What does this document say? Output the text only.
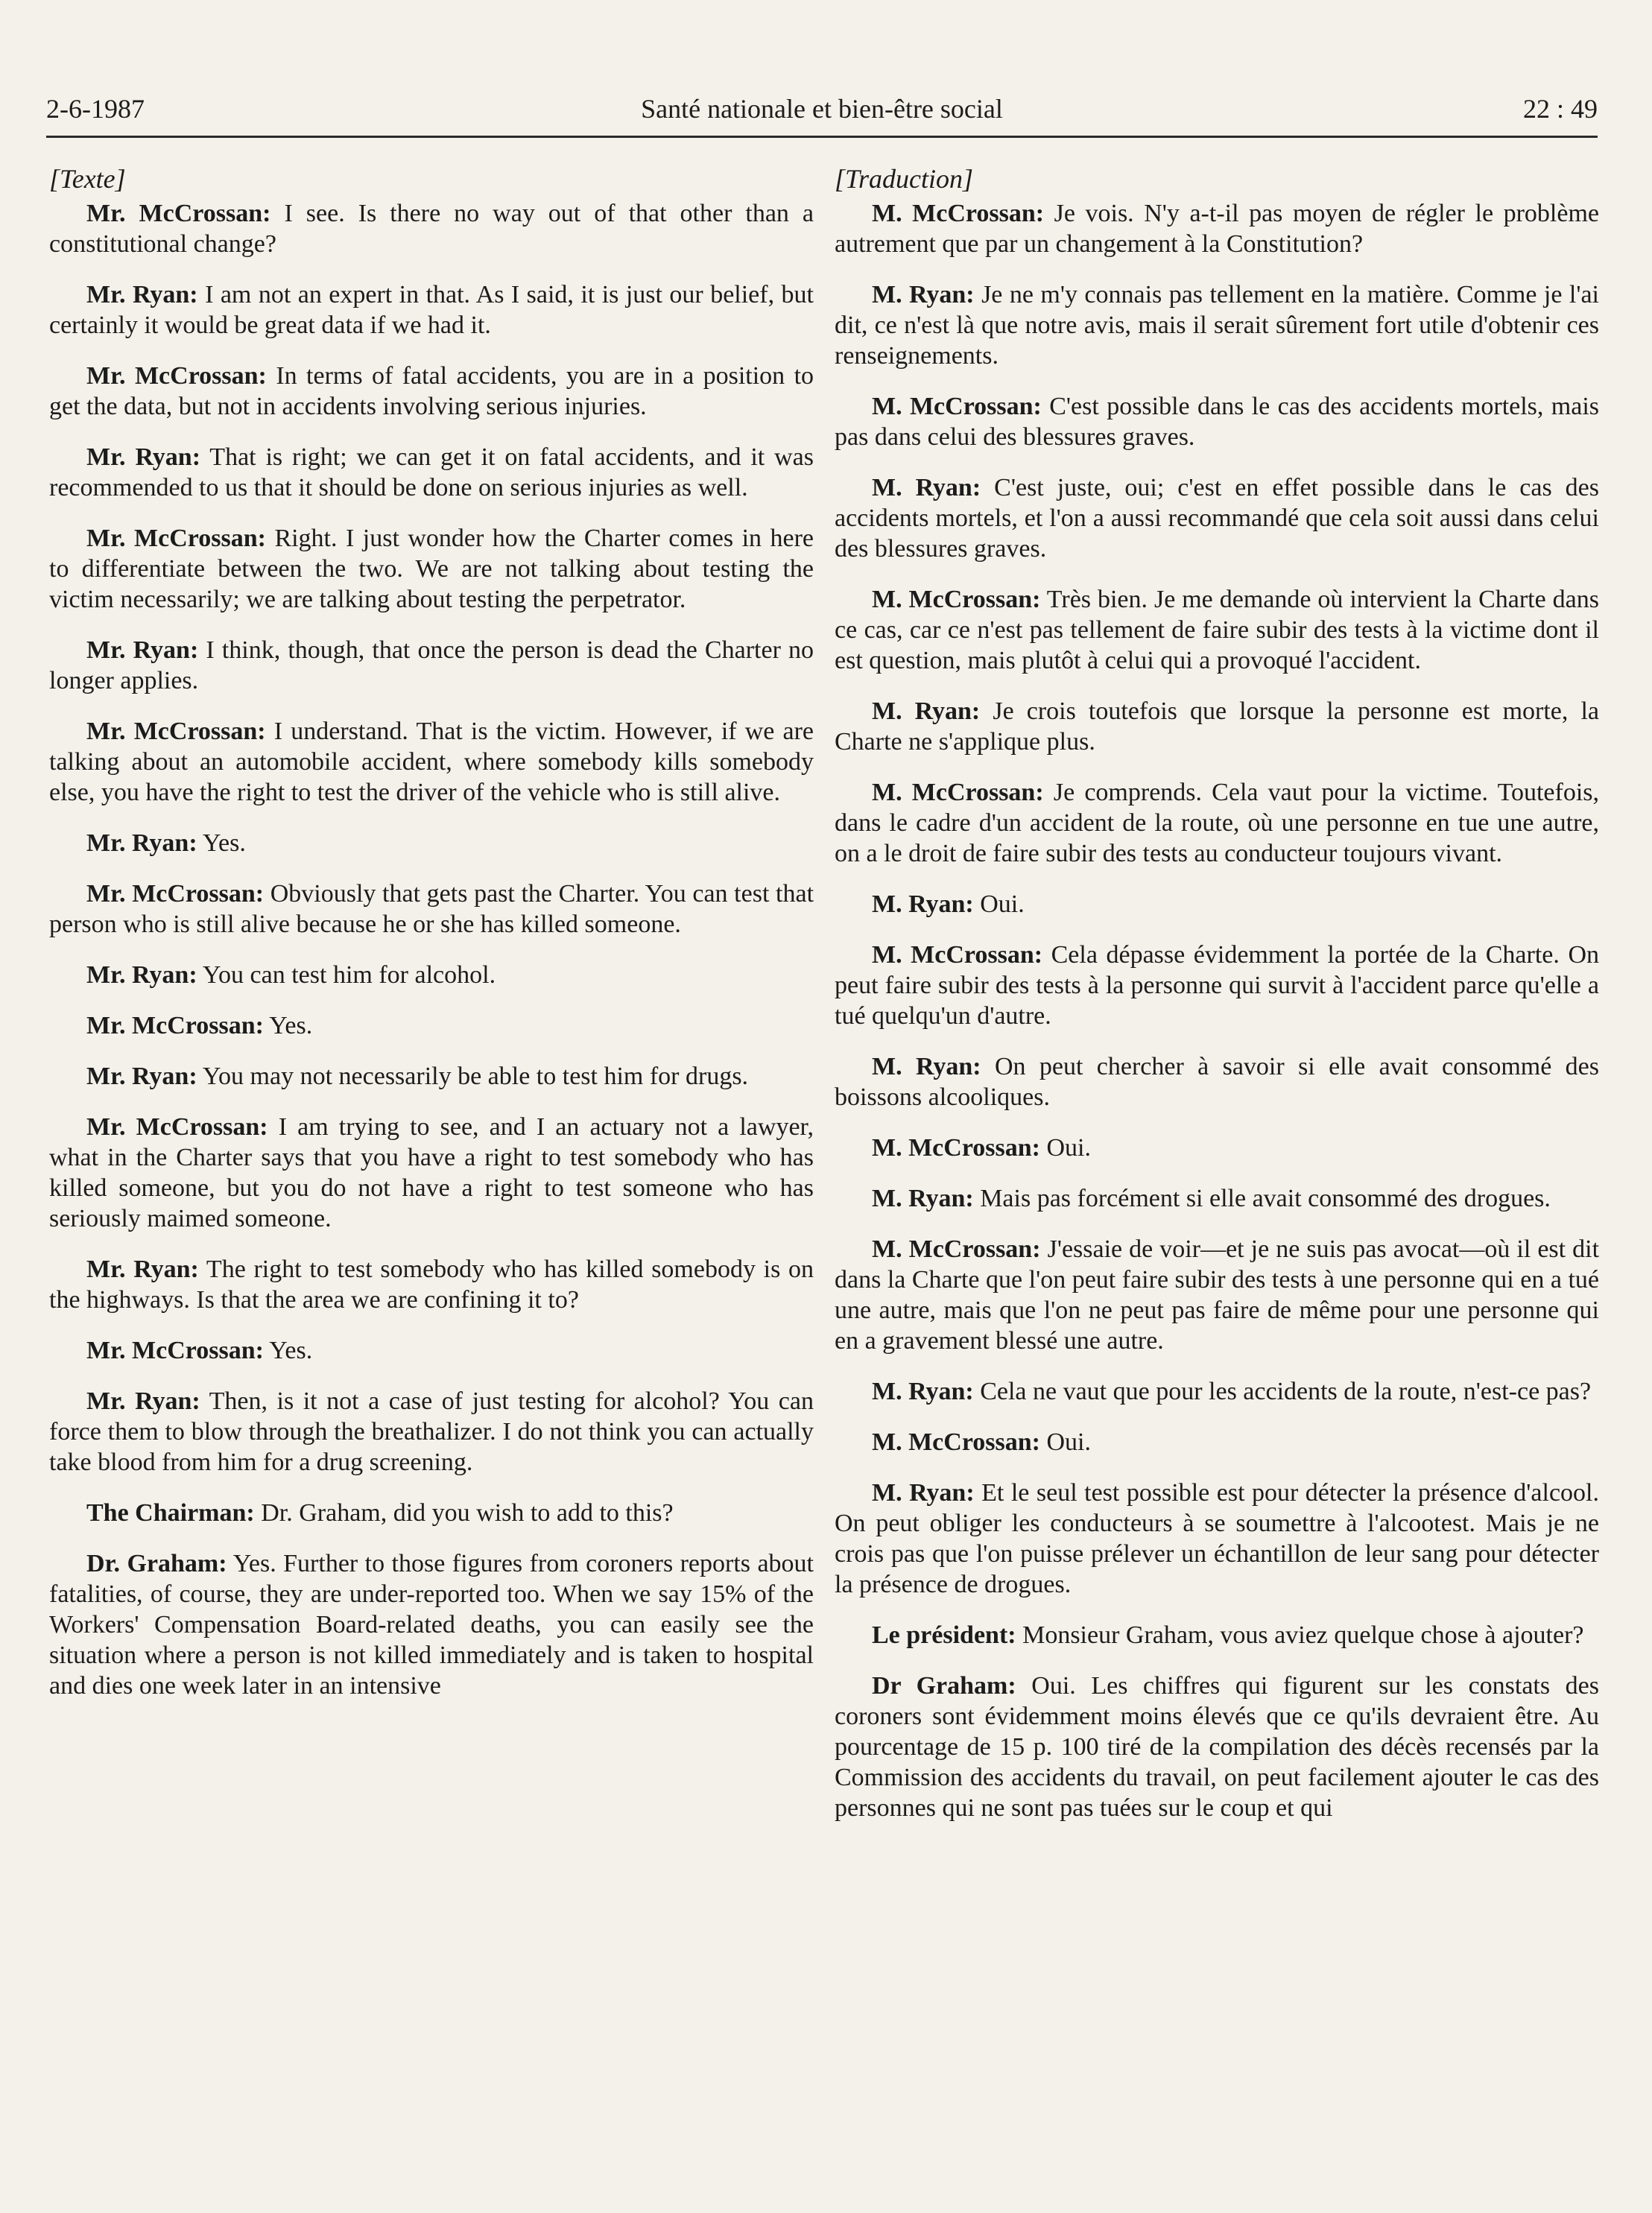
2-6-1987	Santé nationale et bien-être social	22 : 49
[Texte]

Mr. McCrossan: I see. Is there no way out of that other than a constitutional change?

Mr. Ryan: I am not an expert in that. As I said, it is just our belief, but certainly it would be great data if we had it.

Mr. McCrossan: In terms of fatal accidents, you are in a position to get the data, but not in accidents involving serious injuries.

Mr. Ryan: That is right; we can get it on fatal accidents, and it was recommended to us that it should be done on serious injuries as well.

Mr. McCrossan: Right. I just wonder how the Charter comes in here to differentiate between the two. We are not talking about testing the victim necessarily; we are talking about testing the perpetrator.

Mr. Ryan: I think, though, that once the person is dead the Charter no longer applies.

Mr. McCrossan: I understand. That is the victim. However, if we are talking about an automobile accident, where somebody kills somebody else, you have the right to test the driver of the vehicle who is still alive.

Mr. Ryan: Yes.

Mr. McCrossan: Obviously that gets past the Charter. You can test that person who is still alive because he or she has killed someone.

Mr. Ryan: You can test him for alcohol.

Mr. McCrossan: Yes.

Mr. Ryan: You may not necessarily be able to test him for drugs.

Mr. McCrossan: I am trying to see, and I an actuary not a lawyer, what in the Charter says that you have a right to test somebody who has killed someone, but you do not have a right to test someone who has seriously maimed someone.

Mr. Ryan: The right to test somebody who has killed somebody is on the highways. Is that the area we are confining it to?

Mr. McCrossan: Yes.

Mr. Ryan: Then, is it not a case of just testing for alcohol? You can force them to blow through the breathalizer. I do not think you can actually take blood from him for a drug screening.

The Chairman: Dr. Graham, did you wish to add to this?

Dr. Graham: Yes. Further to those figures from coroners reports about fatalities, of course, they are under-reported too. When we say 15% of the Workers' Compensation Board-related deaths, you can easily see the situation where a person is not killed immediately and is taken to hospital and dies one week later in an intensive

[Traduction]

M. McCrossan: Je vois. N'y a-t-il pas moyen de régler le problème autrement que par un changement à la Constitution?

M. Ryan: Je ne m'y connais pas tellement en la matière. Comme je l'ai dit, ce n'est là que notre avis, mais il serait sûrement fort utile d'obtenir ces renseignements.

M. McCrossan: C'est possible dans le cas des accidents mortels, mais pas dans celui des blessures graves.

M. Ryan: C'est juste, oui; c'est en effet possible dans le cas des accidents mortels, et l'on a aussi recommandé que cela soit aussi dans celui des blessures graves.

M. McCrossan: Très bien. Je me demande où intervient la Charte dans ce cas, car ce n'est pas tellement de faire subir des tests à la victime dont il est question, mais plutôt à celui qui a provoqué l'accident.

M. Ryan: Je crois toutefois que lorsque la personne est morte, la Charte ne s'applique plus.

M. McCrossan: Je comprends. Cela vaut pour la victime. Toutefois, dans le cadre d'un accident de la route, où une personne en tue une autre, on a le droit de faire subir des tests au conducteur toujours vivant.

M. Ryan: Oui.

M. McCrossan: Cela dépasse évidemment la portée de la Charte. On peut faire subir des tests à la personne qui survit à l'accident parce qu'elle a tué quelqu'un d'autre.

M. Ryan: On peut chercher à savoir si elle avait consommé des boissons alcooliques.

M. McCrossan: Oui.

M. Ryan: Mais pas forcément si elle avait consommé des drogues.

M. McCrossan: J'essaie de voir—et je ne suis pas avocat—où il est dit dans la Charte que l'on peut faire subir des tests à une personne qui en a tué une autre, mais que l'on ne peut pas faire de même pour une personne qui en a gravement blessé une autre.

M. Ryan: Cela ne vaut que pour les accidents de la route, n'est-ce pas?

M. McCrossan: Oui.

M. Ryan: Et le seul test possible est pour détecter la présence d'alcool. On peut obliger les conducteurs à se soumettre à l'alcootest. Mais je ne crois pas que l'on puisse prélever un échantillon de leur sang pour détecter la présence de drogues.

Le président: Monsieur Graham, vous aviez quelque chose à ajouter?

Dr Graham: Oui. Les chiffres qui figurent sur les constats des coroners sont évidemment moins élevés que ce qu'ils devraient être. Au pourcentage de 15 p. 100 tiré de la compilation des décès recensés par la Commission des accidents du travail, on peut facilement ajouter le cas des personnes qui ne sont pas tuées sur le coup et qui
